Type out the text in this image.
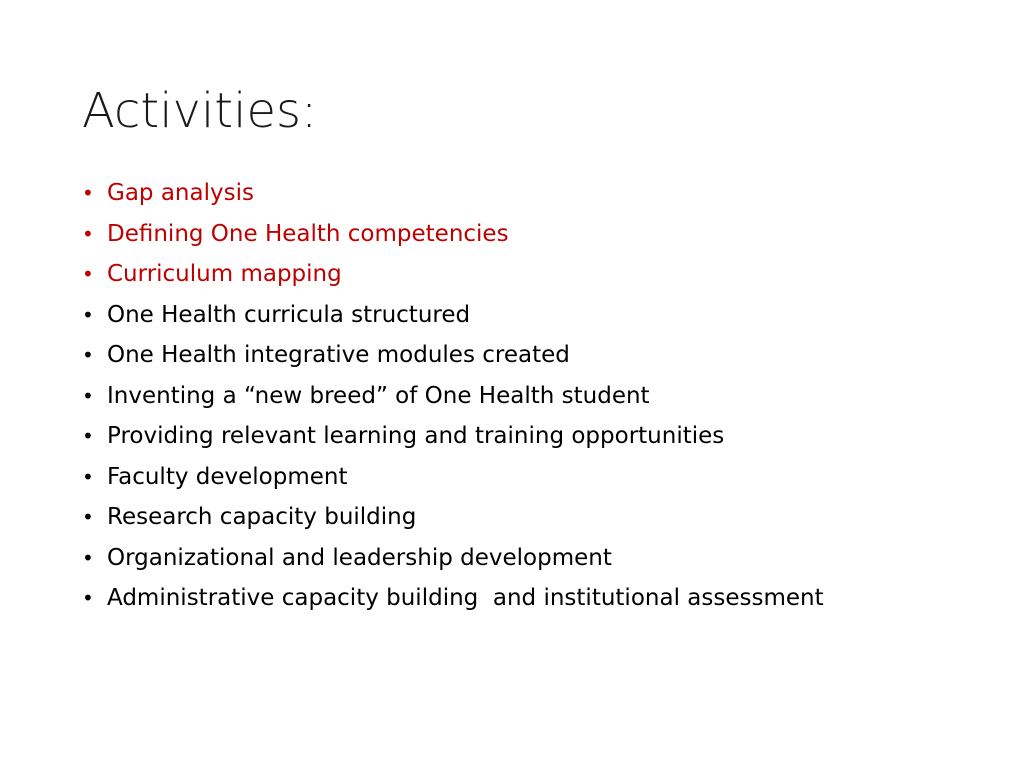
Activities:
• Gap analysis
• Defining One Health competencies
• Curriculum mapping
• One Health curricula structured
• One Health integrative modules created
• Inventing a “new breed” of One Health student
• Providing relevant learning and training opportunities
• Faculty development
• Research capacity building
• Organizational and leadership development
• Administrative capacity building  and institutional assessment
